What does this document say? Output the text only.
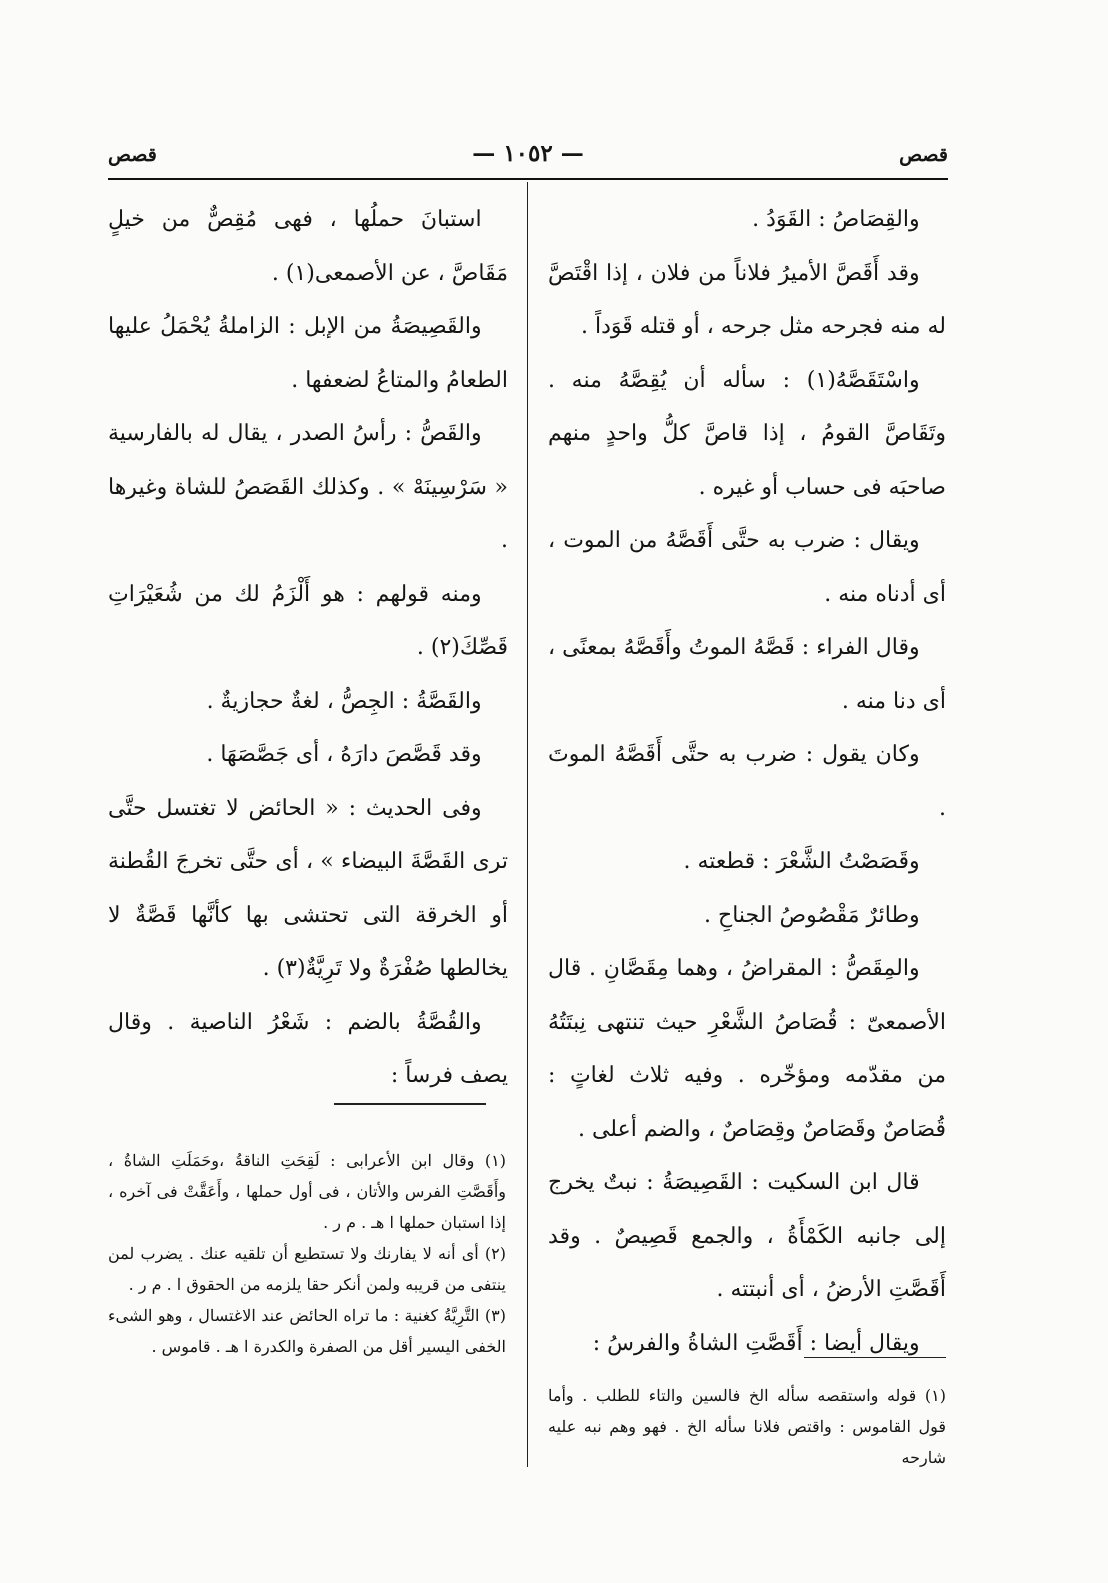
قصص
— ١٠٥٢ —
قصص

والقِصَاصُ : القَوَدُ .

وقد أَقَصَّ الأميرُ فلاناً من فلان ، إذا اقْتَصَّ له منه فجرحه مثل جرحه ، أو قتله قَوَداً .

واسْتَقَصَّهُ(١) : سأله أن يُقِصَّهُ منه . وتَقَاصَّ القومُ ، إذا قاصَّ كلُّ واحدٍ منهم صاحبَه فى حساب أو غيره .

ويقال : ضرب به حتَّى أَقَصَّهُ من الموت ، أى أدناه منه .

وقال الفراء : قَصَّهُ الموتُ وأَقَصَّهُ بمعنًى ، أى دنا منه .

وكان يقول : ضرب به حتَّى أَقَصَّهُ الموتَ .

وقَصَصْتُ الشَّعْرَ : قطعته .

وطائرٌ مَقْصُوصُ الجناحِ .

والمِقَصُّ : المقراضُ ، وهما مِقَصَّانِ . قال الأصمعىّ : قُصَاصُ الشَّعْرِ حيث تنتهى نِبتَتُهُ من مقدّمه ومؤخّره . وفيه ثلاث لغاتٍ : قُصَاصٌ وقَصَاصٌ وقِصَاصٌ ، والضم أعلى .

قال ابن السكيت : القَصِيصَةُ : نبتٌ يخرج إلى جانبه الكَمْأَةُ ، والجمع قَصِيصٌ . وقد أَقَصَّتِ الأرضُ ، أى أنبتته .

ويقال أيضا : أَقَصَّتِ الشاةُ والفرسُ :

استبانَ حملُها ، فهى مُقِصٌّ من خيلٍ مَقَاصَّ ، عن الأصمعى(١) .

والقَصِيصَةُ من الإبل : الزاملةُ يُحْمَلُ عليها الطعامُ والمتاعُ لضعفها .

والقَصُّ : رأسُ الصدر ، يقال له بالفارسية « سَرْسِينَهْ » . وكذلك القَصَصُ للشاة وغيرها .

ومنه قولهم : هو أَلْزَمُ لك من شُعَيْرَاتِ قَصِّكَ(٢) .

والقَصَّةُ : الجِصُّ ، لغةٌ حجازيةٌ .

وقد قَصَّصَ دارَهُ ، أى جَصَّصَهَا .

وفى الحديث : « الحائض لا تغتسل حتَّى ترى القَصَّةَ البيضاء » ، أى حتَّى تخرجَ القُطنة أو الخرقة التى تحتشى بها كأنَّها قَصَّةٌ لا يخالطها صُفْرَةٌ ولا تَرِيَّةٌ(٣) .

والقُصَّةُ بالضم : شَعْرُ الناصية . وقال يصف فرساً :

(١) وقال ابن الأعرابى : لَقِحَتِ الناقةُ ،وحَمَلَتِ الشاةُ ، وأَقَصَّتِ الفرس والأتان ، فى أول حملها ، وأَعَقَّتْ فى آخره ، إذا استبان حملها ا هـ . م ر .

(٢) أى أنه لا يفارنك ولا تستطيع أن تلقيه عنك . يضرب لمن ينتفى من قريبه ولمن أنكر حقا يلزمه من الحقوق ا . م ر .

(٣) التَّرِيَّةُ كغنية : ما تراه الحائض عند الاغتسال ، وهو الشىء الخفى اليسير أقل من الصفرة والكدرة ا هـ . قاموس .

(١) قوله واستقصه سأله الخ فالسين والتاء للطلب . وأما قول القاموس : واقتص فلانا سأله الخ . فهو وهم نبه عليه شارحه
